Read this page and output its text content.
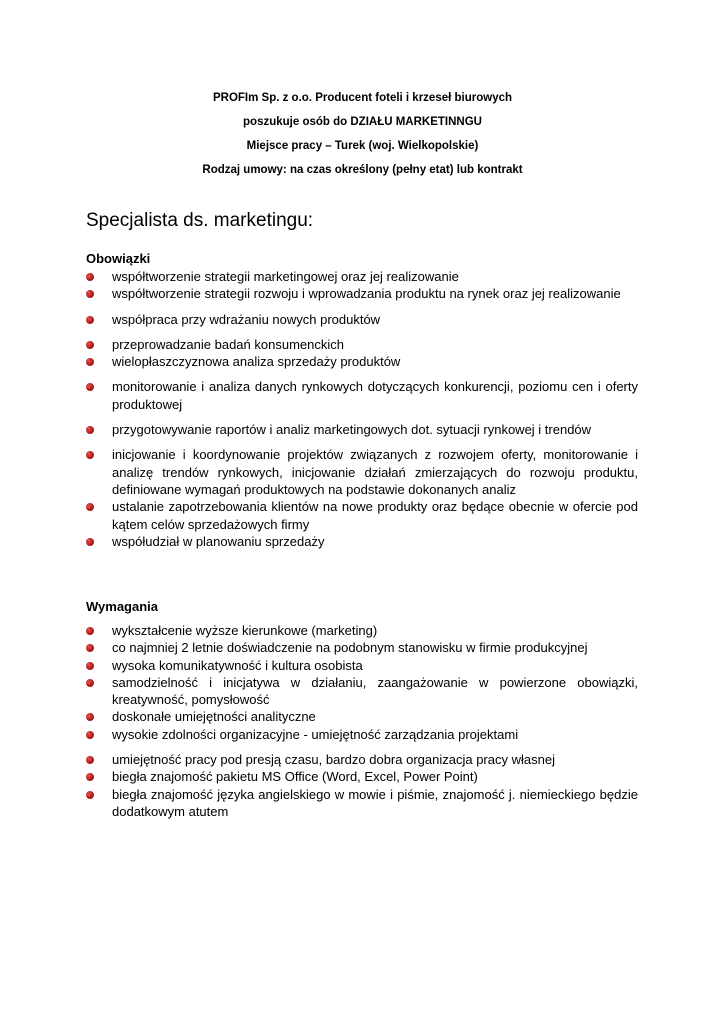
PROFIm Sp. z o.o. Producent foteli i krzeseł biurowych
poszukuje osób do DZIAŁU MARKETINNGU
Miejsce pracy – Turek (woj. Wielkopolskie)
Rodzaj umowy: na czas określony (pełny etat) lub kontrakt
Specjalista ds. marketingu:
Obowiązki
współtworzenie strategii marketingowej oraz jej realizowanie
współtworzenie strategii rozwoju i wprowadzania produktu na rynek oraz jej realizowanie
współpraca przy wdrażaniu nowych produktów
przeprowadzanie badań konsumenckich
wielopłaszczyznowa analiza sprzedaży produktów
monitorowanie i analiza danych rynkowych dotyczących konkurencji, poziomu cen i oferty produktowej
przygotowywanie raportów i analiz marketingowych dot. sytuacji rynkowej i trendów
inicjowanie i koordynowanie projektów związanych z rozwojem oferty, monitorowanie i analizę trendów rynkowych, inicjowanie działań zmierzających do rozwoju produktu, definiowane wymagań produktowych na podstawie dokonanych analiz
ustalanie zapotrzebowania klientów na nowe produkty oraz będące obecnie w ofercie pod kątem celów sprzedażowych firmy
współudział w planowaniu sprzedaży
Wymagania
wykształcenie wyższe kierunkowe (marketing)
co najmniej 2 letnie doświadczenie na podobnym stanowisku w firmie produkcyjnej
wysoka komunikatywność i kultura osobista
samodzielność i inicjatywa w działaniu, zaangażowanie w powierzone obowiązki, kreatywność, pomysłowość
doskonałe umiejętności analityczne
wysokie zdolności organizacyjne - umiejętność zarządzania projektami
umiejętność pracy pod presją czasu, bardzo dobra organizacja pracy własnej
biegła znajomość pakietu MS Office (Word, Excel, Power Point)
biegła znajomość języka angielskiego w mowie i piśmie, znajomość j. niemieckiego będzie dodatkowym atutem
